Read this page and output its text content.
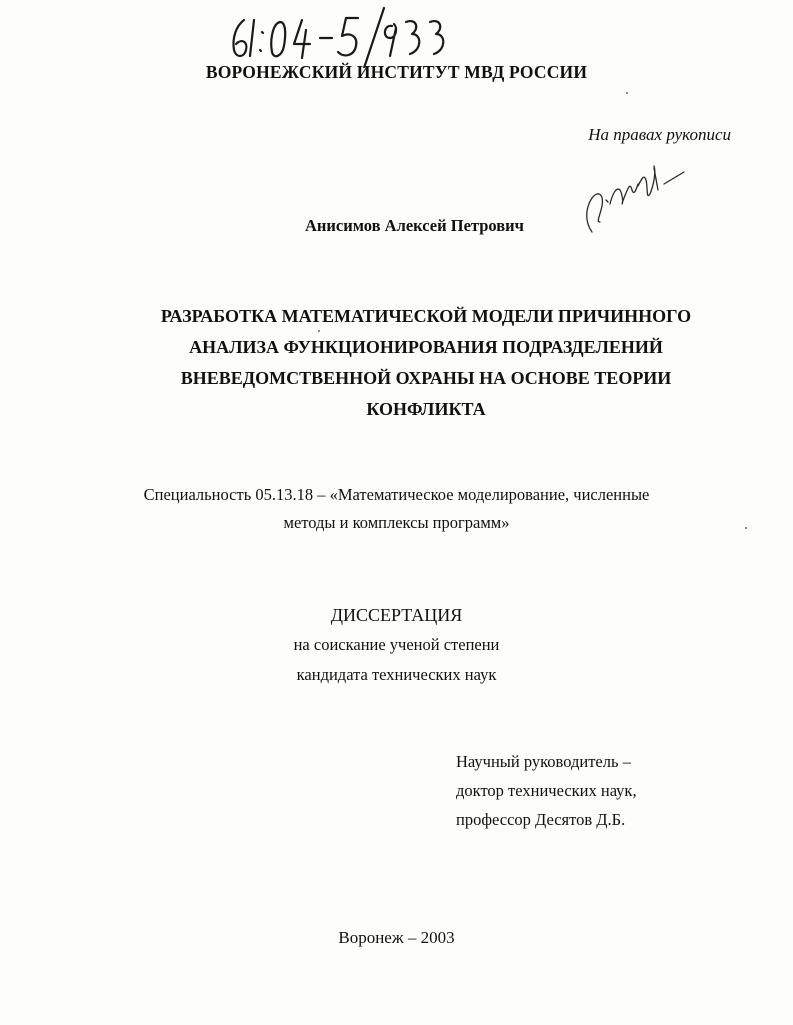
ВОРОНЕЖСКИЙ ИНСТИТУТ МВД РОССИИ
На правах рукописи
Анисимов Алексей Петрович
РАЗРАБОТКА МАТЕМАТИЧЕСКОЙ МОДЕЛИ ПРИЧИННОГО
АНАЛИЗА ФУНКЦИОНИРОВАНИЯ ПОДРАЗДЕЛЕНИЙ
ВНЕВЕДОМСТВЕННОЙ ОХРАНЫ НА ОСНОВЕ ТЕОРИИ
КОНФЛИКТА
Специальность 05.13.18 – «Математическое моделирование, численные
методы и комплексы программ»
ДИССЕРТАЦИЯ
на соискание ученой степени
кандидата технических наук
Научный руководитель –
доктор технических наук,
профессор Десятов Д.Б.
Воронеж – 2003
